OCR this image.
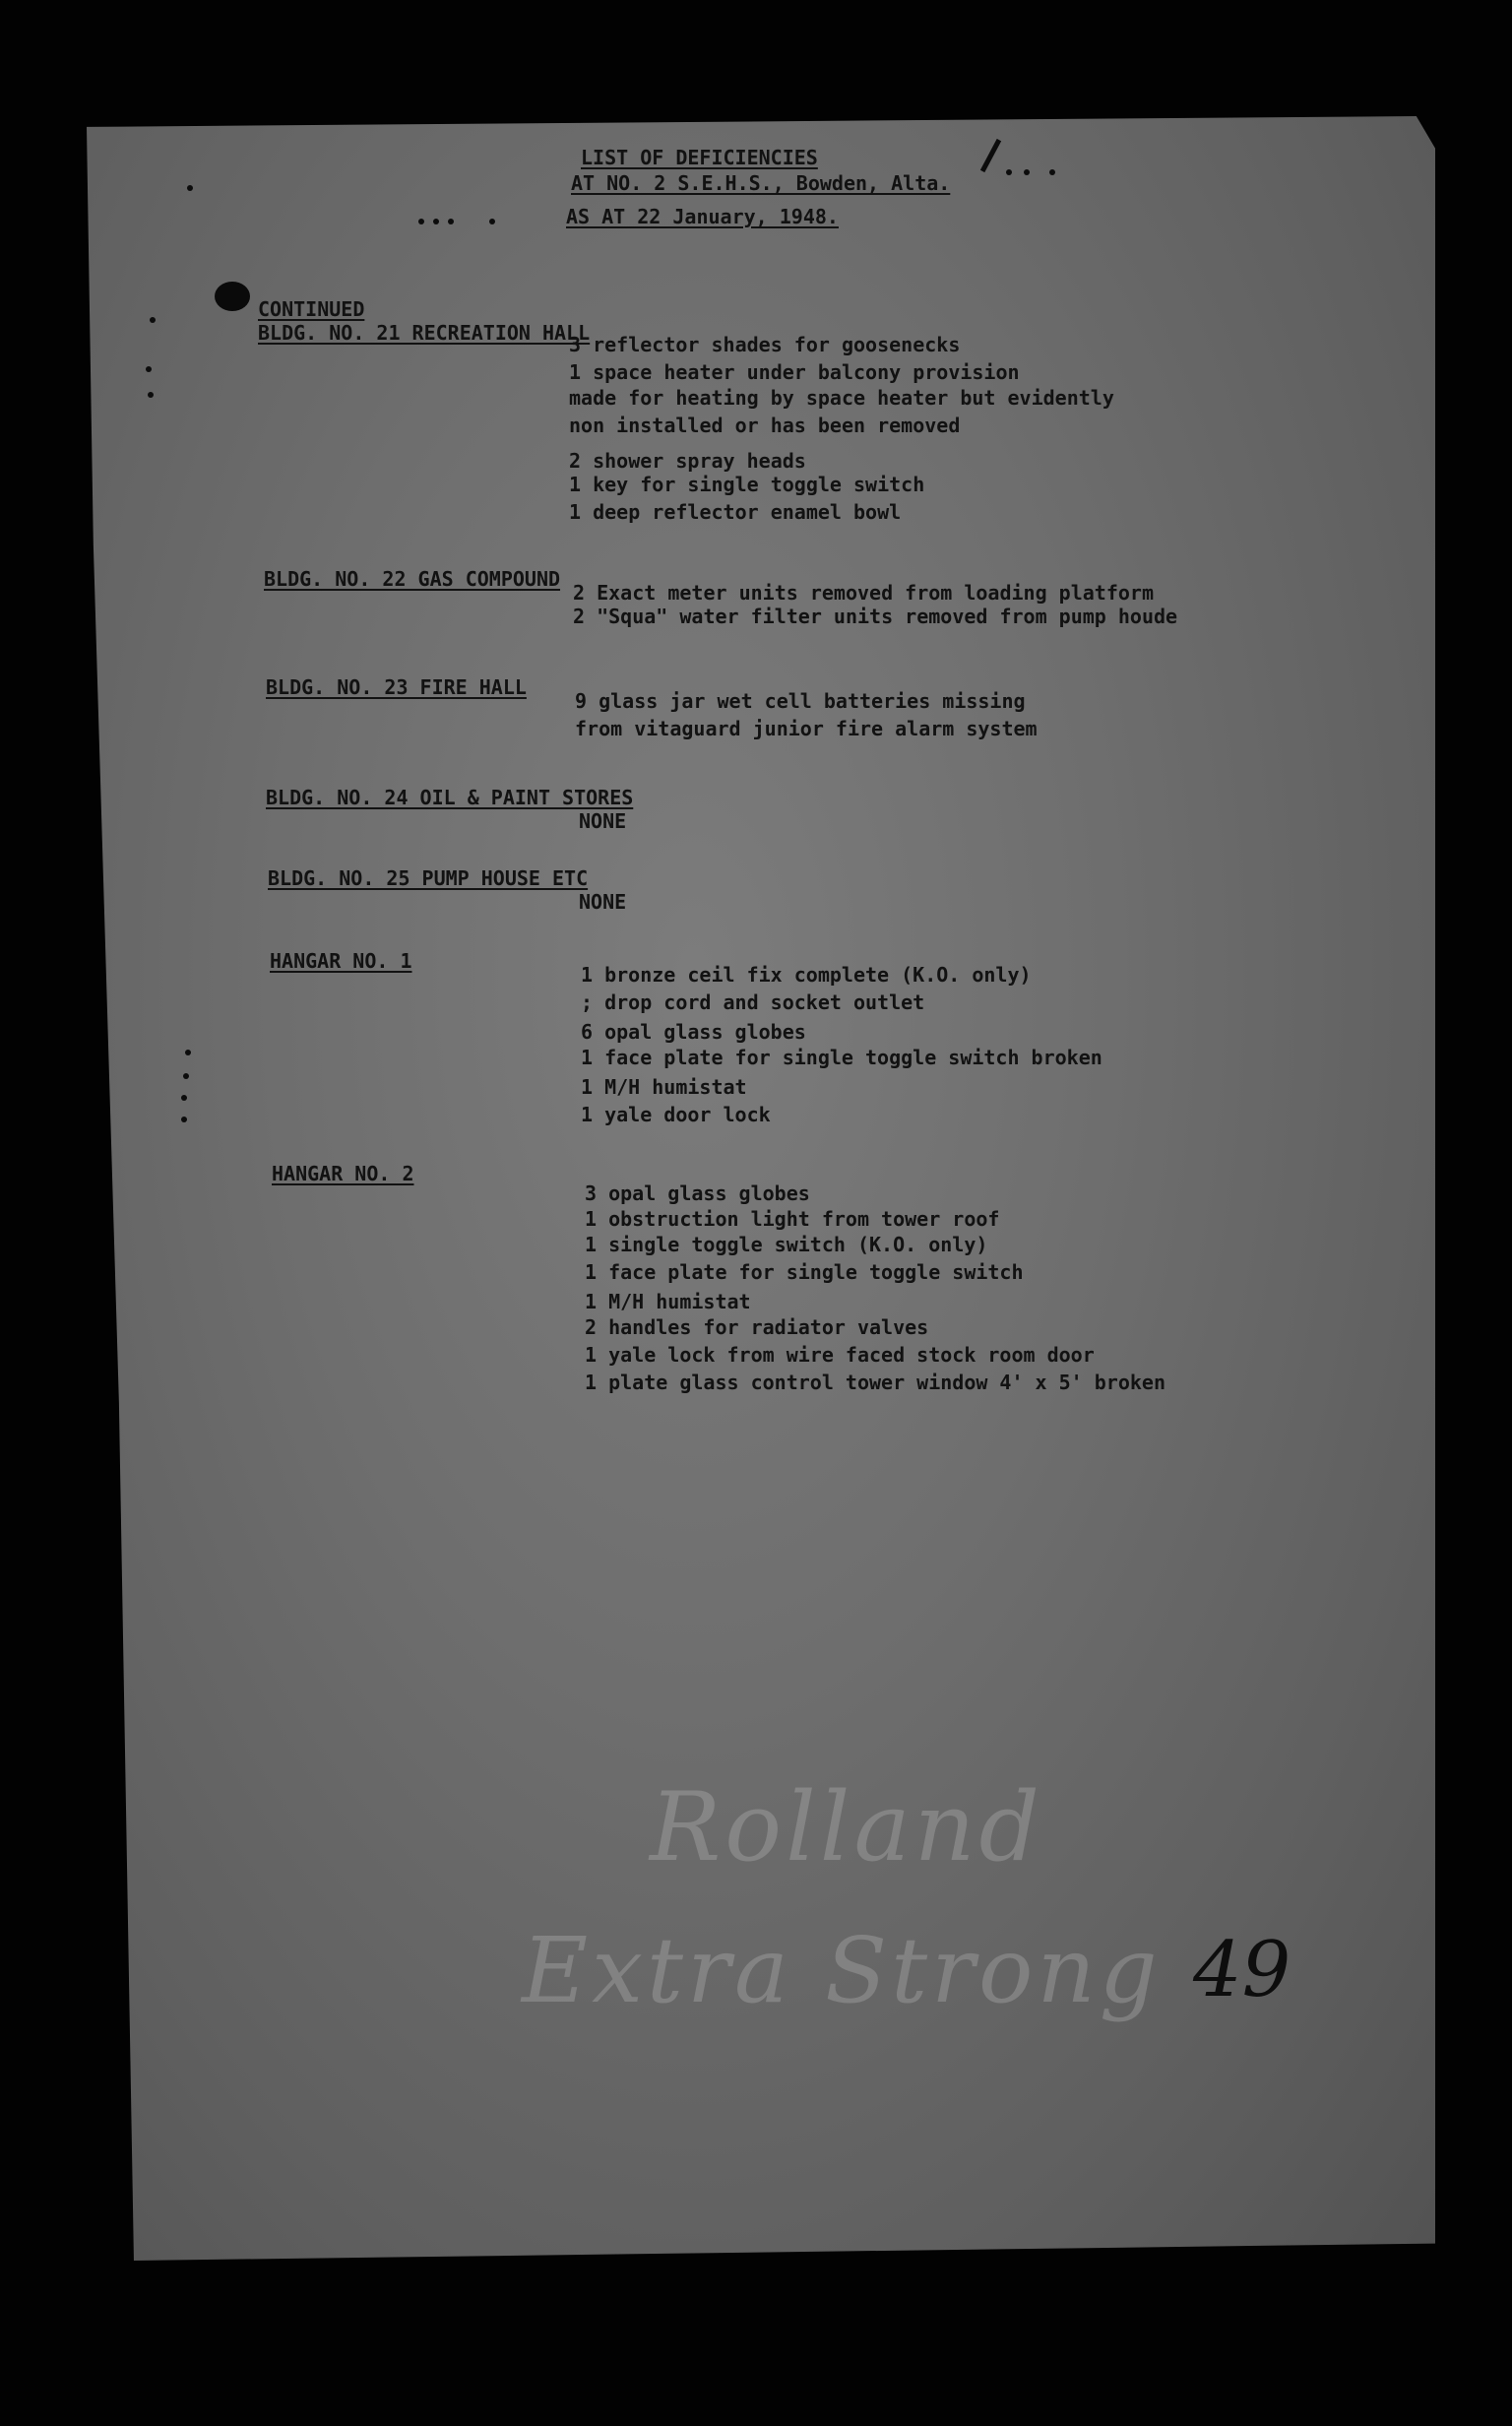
LIST OF DEFICIENCIES
AT NO. 2 S.E.H.S., Bowden, Alta.
AS AT 22 January, 1948.
CONTINUED
BLDG. NO. 21 RECREATION HALL
3 reflector shades for goosenecks
1 space heater under balcony provision
made for heating by space heater but evidently
non installed or has been removed
2 shower spray heads
1 key for single toggle switch
1 deep reflector enamel bowl
BLDG. NO. 22 GAS COMPOUND
2 Exact meter units removed from loading platform
2 "Squa" water filter units removed from pump houde
BLDG. NO. 23 FIRE HALL
9 glass jar wet cell batteries missing
from vitaguard junior fire alarm system
BLDG. NO. 24 OIL & PAINT STORES
NONE
BLDG. NO. 25 PUMP HOUSE ETC
NONE
HANGAR NO. 1
1 bronze ceil fix complete (K.O. only)
; drop cord and socket outlet
6 opal glass globes
1 face plate for single toggle switch broken
1 M/H humistat
1 yale door lock
HANGAR NO. 2
3 opal glass globes
1 obstruction light from tower roof
1 single toggle switch (K.O. only)
1 face plate for single toggle switch
1 M/H humistat
2 handles for radiator valves
1 yale lock from wire faced stock room door
1 plate glass control tower window 4' x 5' broken
Rolland
Extra Strong 49
